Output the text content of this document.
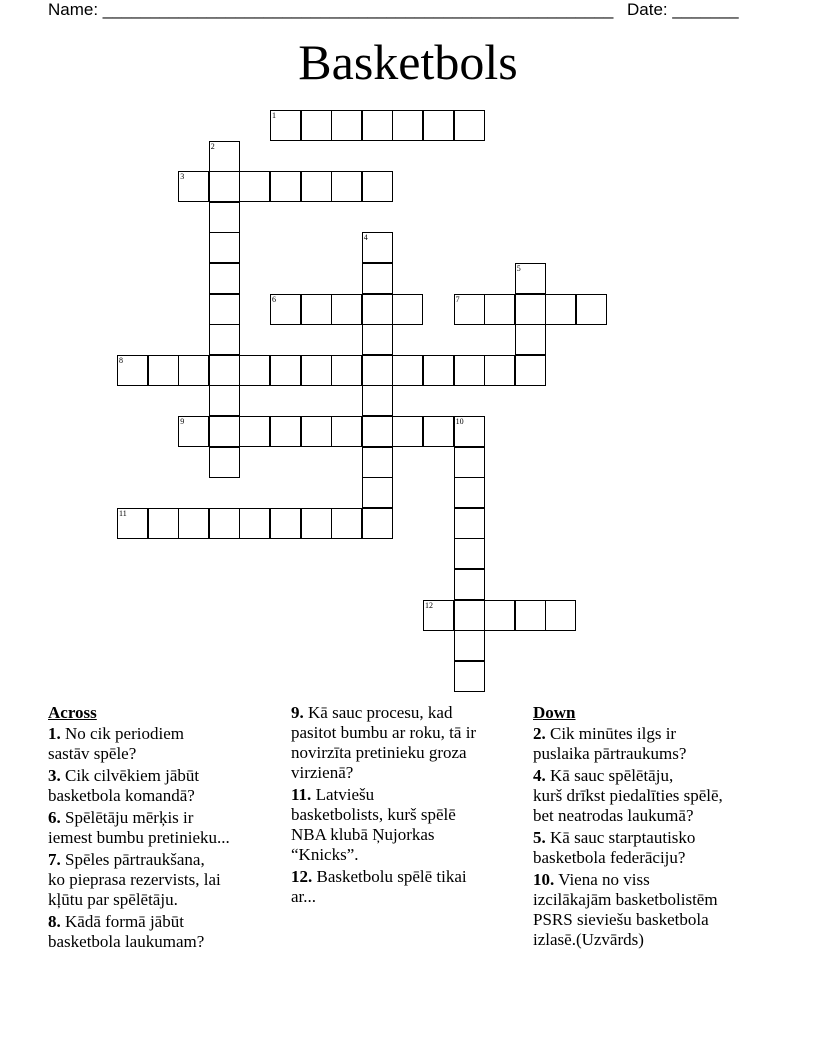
Name: ______________________________________________________ Date: _______
Basketbols
1
2
3
4
5
6	7
8
9	10
11
12
Across
1. No cik periodiem
sastāv spēle?
3. Cik cilvēkiem jābūt
basketbola komandā?
6. Spēlētāju mērķis ir
iemest bumbu pretinieku...
7. Spēles pārtraukšana,
ko pieprasa rezervists, lai
kļūtu par spēlētāju.
8. Kādā formā jābūt
basketbola laukumam?
9. Kā sauc procesu, kad
pasitot bumbu ar roku, tā ir
novirzīta pretinieku groza
virzienā?
11. Latviešu
basketbolists, kurš spēlē
NBA klubā Ņujorkas
“Knicks”.
12. Basketbolu spēlē tikai
ar...
Down
2. Cik minūtes ilgs ir
puslaika pārtraukums?
4. Kā sauc spēlētāju,
kurš drīkst piedalīties spēlē,
bet neatrodas laukumā?
5. Kā sauc starptautisko
basketbola federāciju?
10. Viena no viss
izcilākajām basketbolistēm
PSRS sieviešu basketbola
izlasē.(Uzvārds)
